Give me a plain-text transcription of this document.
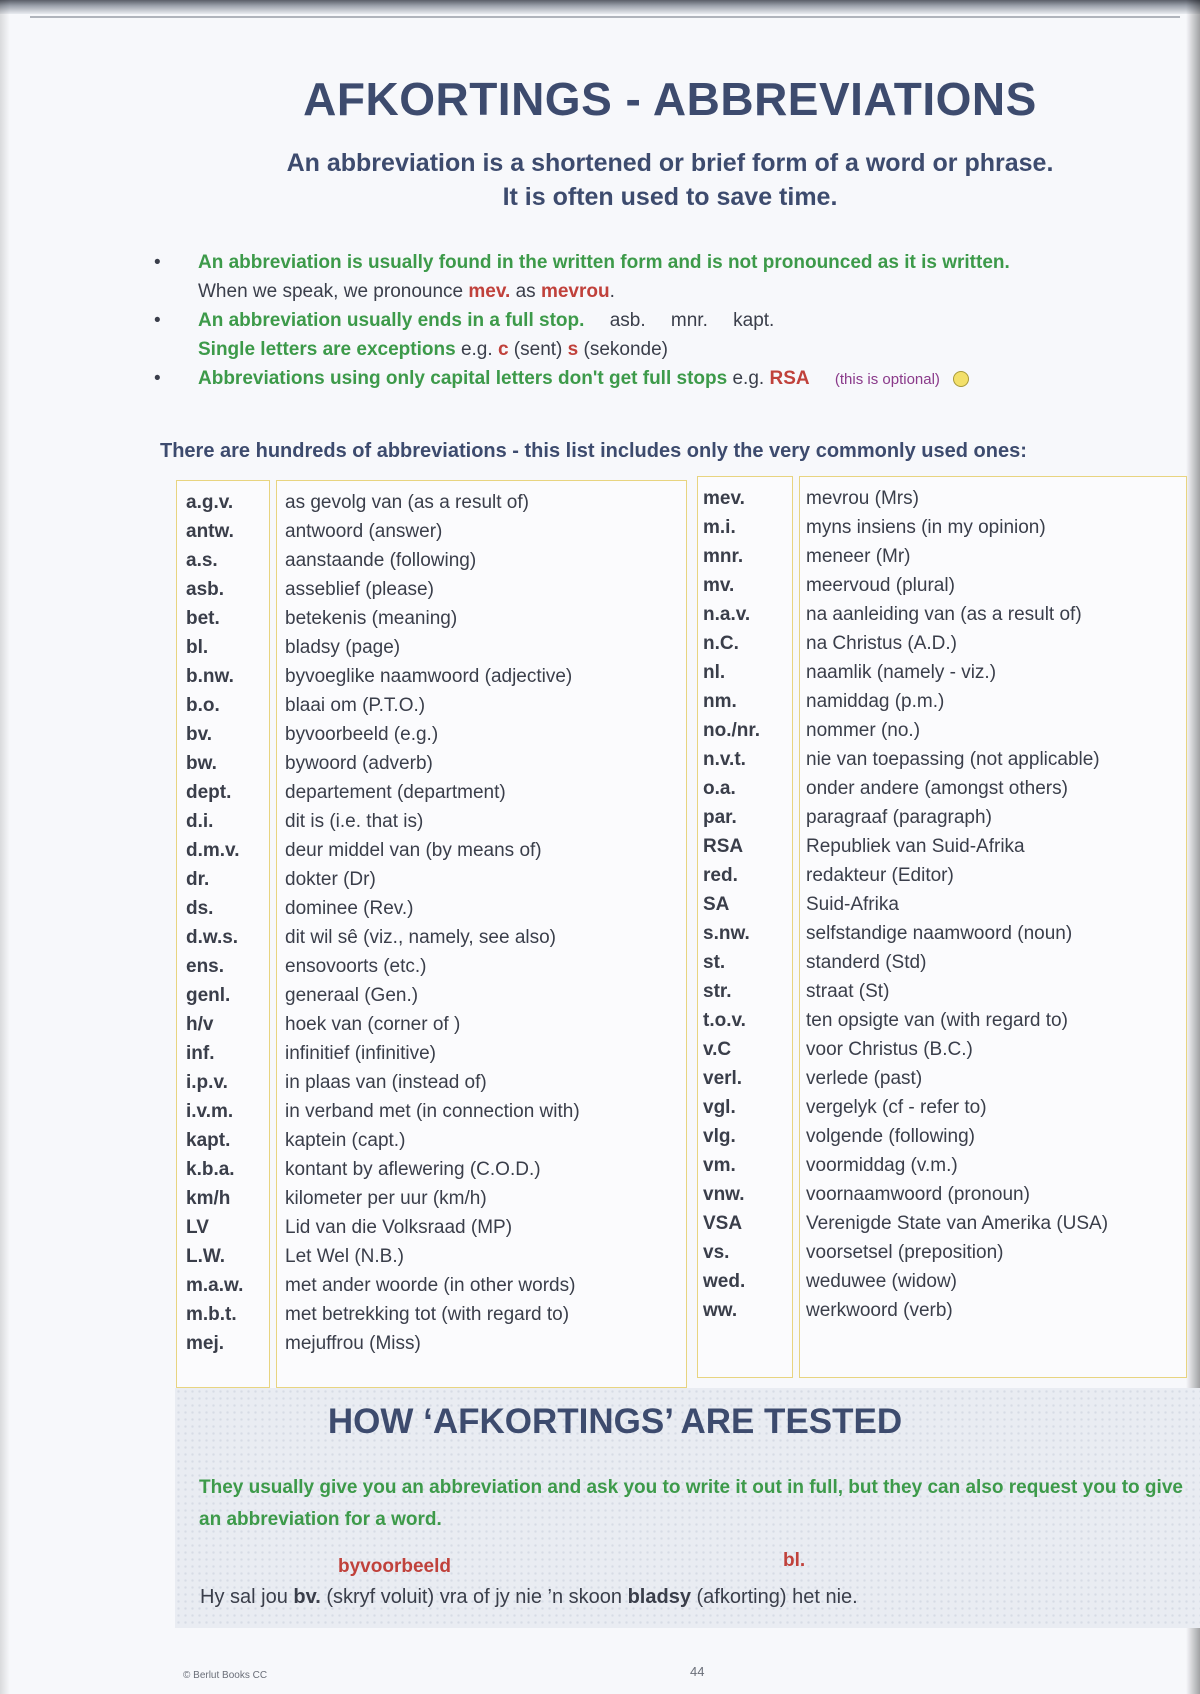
AFKORTINGS - ABBREVIATIONS
An abbreviation is a shortened or brief form of a word or phrase.
It is often used to save time.
• An abbreviation is usually found in the written form and is not pronounced as it is written.
When we speak, we pronounce mev. as mevrou.
• An abbreviation usually ends in a full stop. asb. mnr. kapt.
Single letters are exceptions e.g. c (sent) s (sekonde)
• Abbreviations using only capital letters don't get full stops e.g. RSA (this is optional)
There are hundreds of abbreviations - this list includes only the very commonly used ones:
a.g.v.
antw.
a.s.
asb.
bet.
bl.
b.nw.
b.o.
bv.
bw.
dept.
d.i.
d.m.v.
dr.
ds.
d.w.s.
ens.
genl.
h/v
inf.
i.p.v.
i.v.m.
kapt.
k.b.a.
km/h
LV
L.W.
m.a.w.
m.b.t.
mej.
as gevolg van (as a result of)
antwoord (answer)
aanstaande (following)
asseblief (please)
betekenis (meaning)
bladsy (page)
byvoeglike naamwoord (adjective)
blaai om (P.T.O.)
byvoorbeeld (e.g.)
bywoord (adverb)
departement (department)
dit is (i.e. that is)
deur middel van (by means of)
dokter (Dr)
dominee (Rev.)
dit wil sê (viz., namely, see also)
ensovoorts (etc.)
generaal (Gen.)
hoek van (corner of )
infinitief (infinitive)
in plaas van (instead of)
in verband met (in connection with)
kaptein (capt.)
kontant by aflewering (C.O.D.)
kilometer per uur (km/h)
Lid van die Volksraad (MP)
Let Wel (N.B.)
met ander woorde (in other words)
met betrekking tot (with regard to)
mejuffrou (Miss)
mev.
m.i.
mnr.
mv.
n.a.v.
n.C.
nl.
nm.
no./nr.
n.v.t.
o.a.
par.
RSA
red.
SA
s.nw.
st.
str.
t.o.v.
v.C
verl.
vgl.
vlg.
vm.
vnw.
VSA
vs.
wed.
ww.
mevrou (Mrs)
myns insiens (in my opinion)
meneer (Mr)
meervoud (plural)
na aanleiding van (as a result of)
na Christus (A.D.)
naamlik (namely - viz.)
namiddag (p.m.)
nommer (no.)
nie van toepassing (not applicable)
onder andere (amongst others)
paragraaf (paragraph)
Republiek van Suid-Afrika
redakteur (Editor)
Suid-Afrika
selfstandige naamwoord (noun)
standerd (Std)
straat (St)
ten opsigte van (with regard to)
voor Christus (B.C.)
verlede (past)
vergelyk (cf - refer to)
volgende (following)
voormiddag (v.m.)
voornaamwoord (pronoun)
Verenigde State van Amerika (USA)
voorsetsel (preposition)
weduwee (widow)
werkwoord (verb)
HOW ‘AFKORTINGS’ ARE TESTED
They usually give you an abbreviation and ask you to write it out in full, but they can also request you to give an abbreviation for a word.
byvoorbeeld	bl.
Hy sal jou bv. (skryf voluit) vra of jy nie ’n skoon bladsy (afkorting) het nie.
© Berlut Books CC	44
